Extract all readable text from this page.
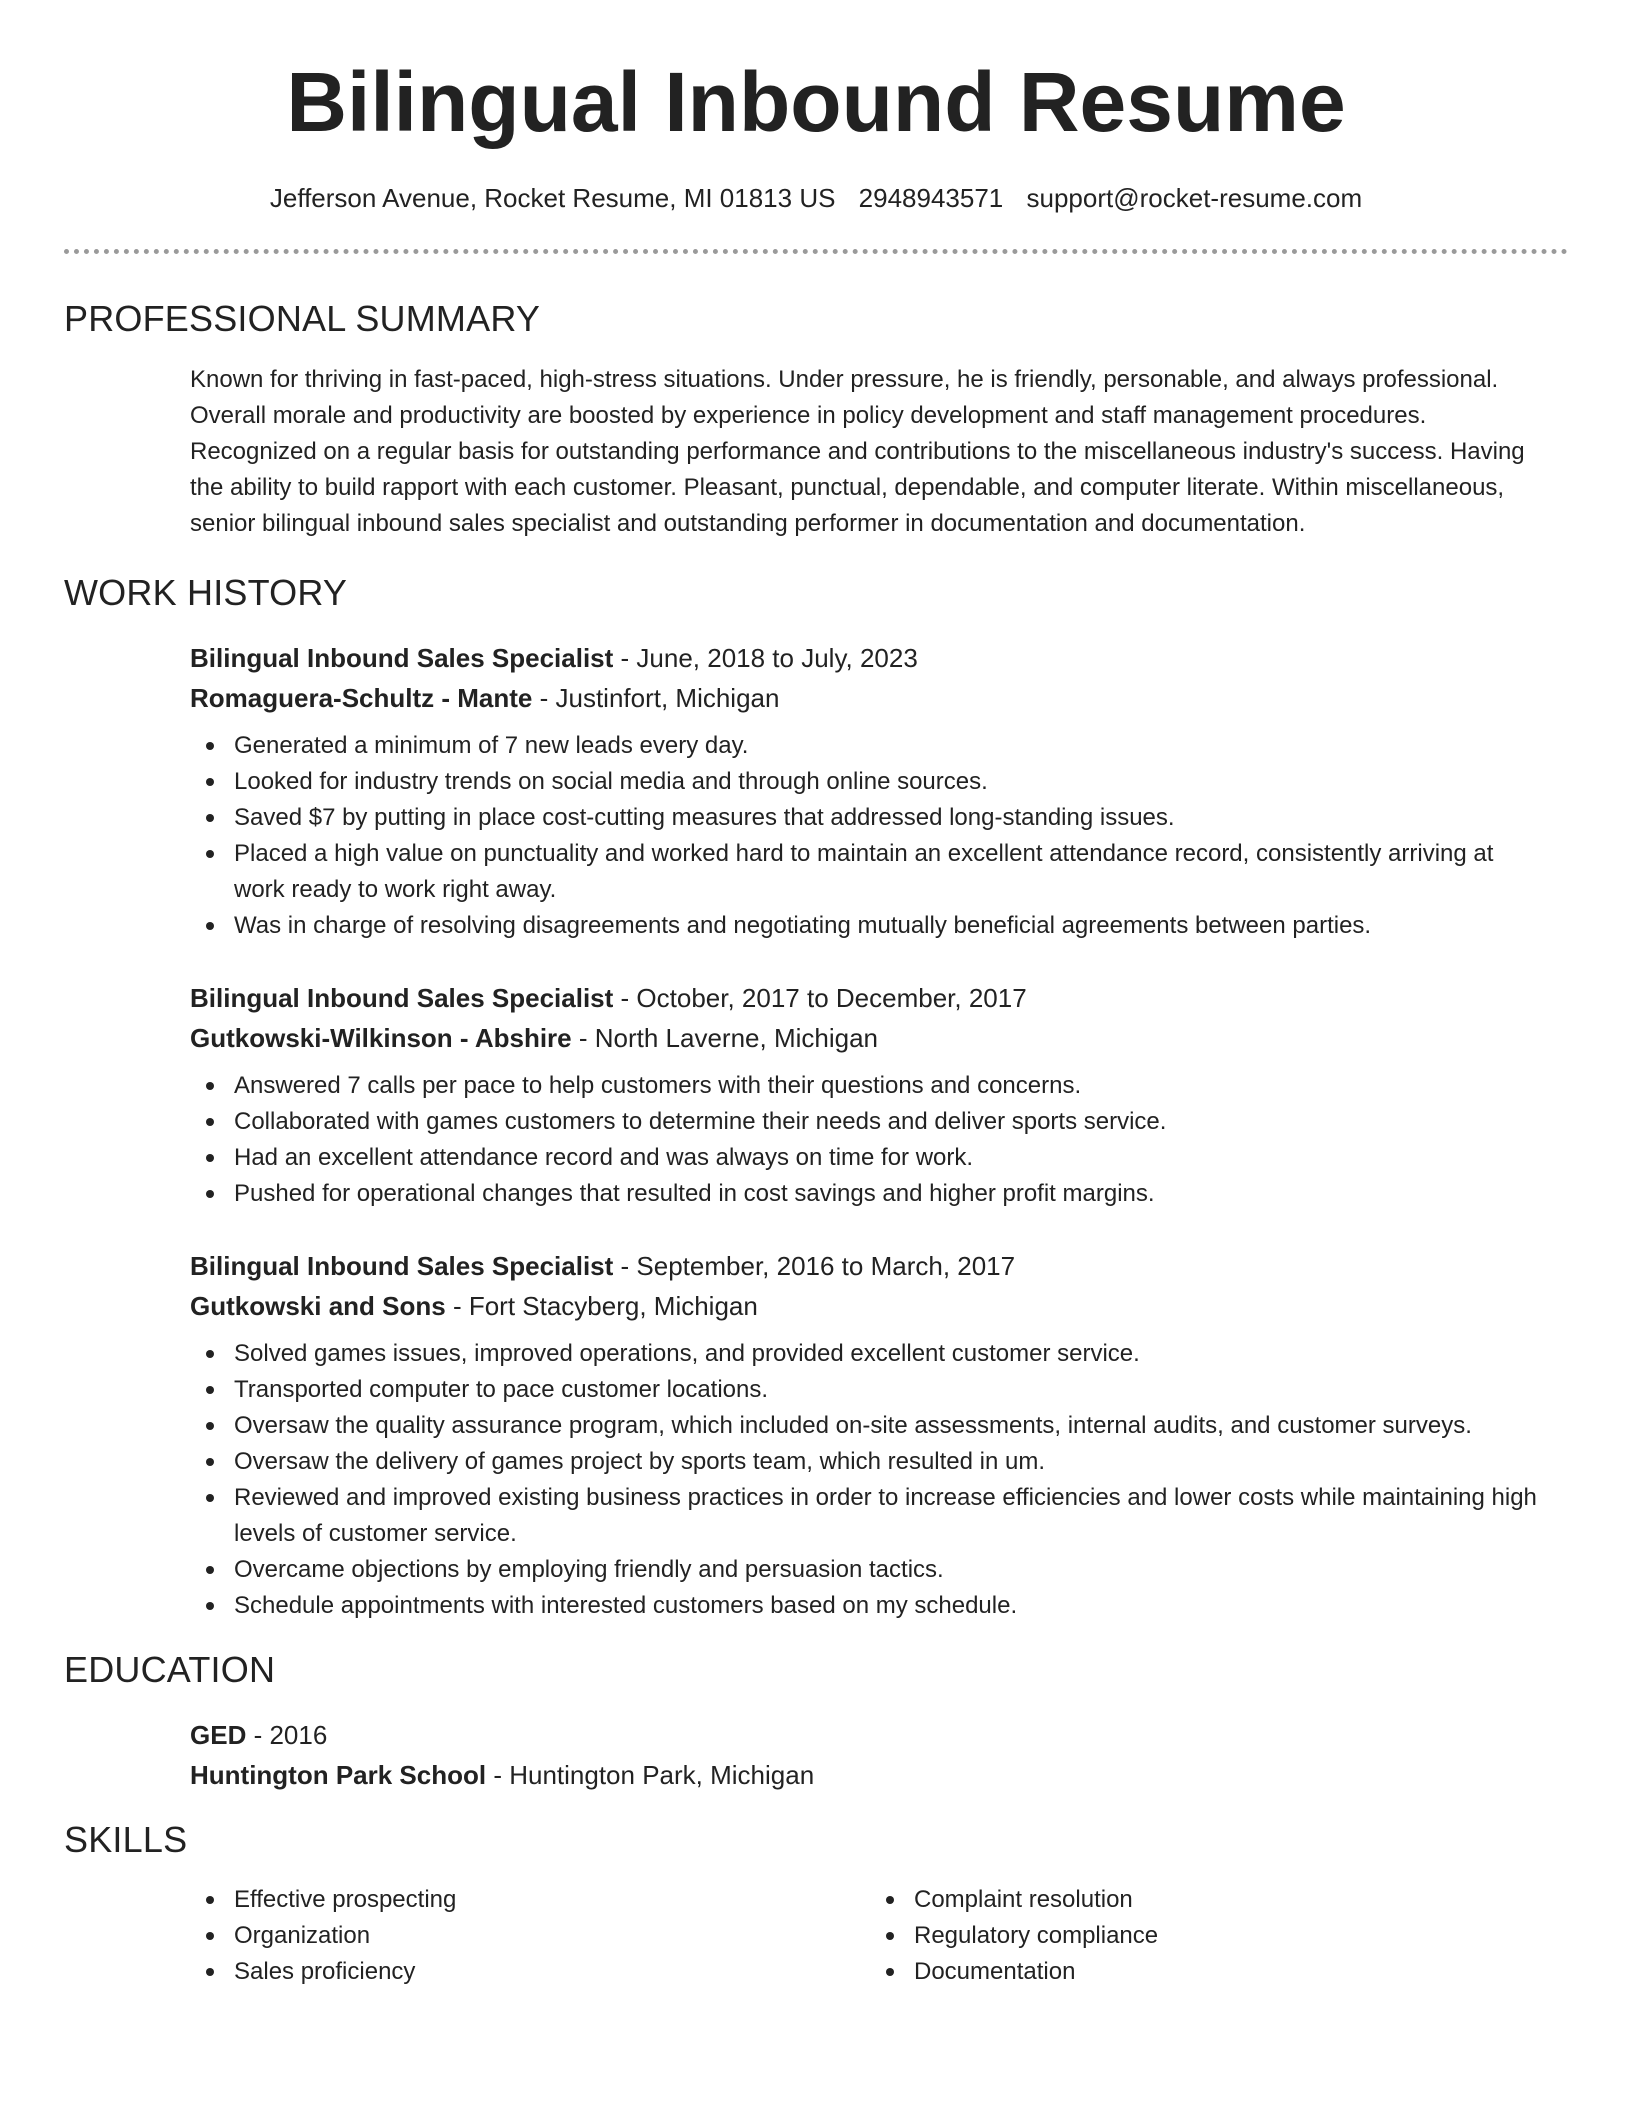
Bilingual Inbound Resume
Jefferson Avenue, Rocket Resume, MI 01813 US 2948943571 support@rocket-resume.com
PROFESSIONAL SUMMARY
Known for thriving in fast-paced, high-stress situations. Under pressure, he is friendly, personable, and always professional. Overall morale and productivity are boosted by experience in policy development and staff management procedures. Recognized on a regular basis for outstanding performance and contributions to the miscellaneous industry's success. Having the ability to build rapport with each customer. Pleasant, punctual, dependable, and computer literate. Within miscellaneous, senior bilingual inbound sales specialist and outstanding performer in documentation and documentation.
WORK HISTORY
Bilingual Inbound Sales Specialist - June, 2018 to July, 2023
Romaguera-Schultz - Mante - Justinfort, Michigan
Generated a minimum of 7 new leads every day.
Looked for industry trends on social media and through online sources.
Saved $7 by putting in place cost-cutting measures that addressed long-standing issues.
Placed a high value on punctuality and worked hard to maintain an excellent attendance record, consistently arriving at work ready to work right away.
Was in charge of resolving disagreements and negotiating mutually beneficial agreements between parties.
Bilingual Inbound Sales Specialist - October, 2017 to December, 2017
Gutkowski-Wilkinson - Abshire - North Laverne, Michigan
Answered 7 calls per pace to help customers with their questions and concerns.
Collaborated with games customers to determine their needs and deliver sports service.
Had an excellent attendance record and was always on time for work.
Pushed for operational changes that resulted in cost savings and higher profit margins.
Bilingual Inbound Sales Specialist - September, 2016 to March, 2017
Gutkowski and Sons - Fort Stacyberg, Michigan
Solved games issues, improved operations, and provided excellent customer service.
Transported computer to pace customer locations.
Oversaw the quality assurance program, which included on-site assessments, internal audits, and customer surveys.
Oversaw the delivery of games project by sports team, which resulted in um.
Reviewed and improved existing business practices in order to increase efficiencies and lower costs while maintaining high levels of customer service.
Overcame objections by employing friendly and persuasion tactics.
Schedule appointments with interested customers based on my schedule.
EDUCATION
GED - 2016
Huntington Park School - Huntington Park, Michigan
SKILLS
Effective prospecting
Organization
Sales proficiency
Complaint resolution
Regulatory compliance
Documentation
